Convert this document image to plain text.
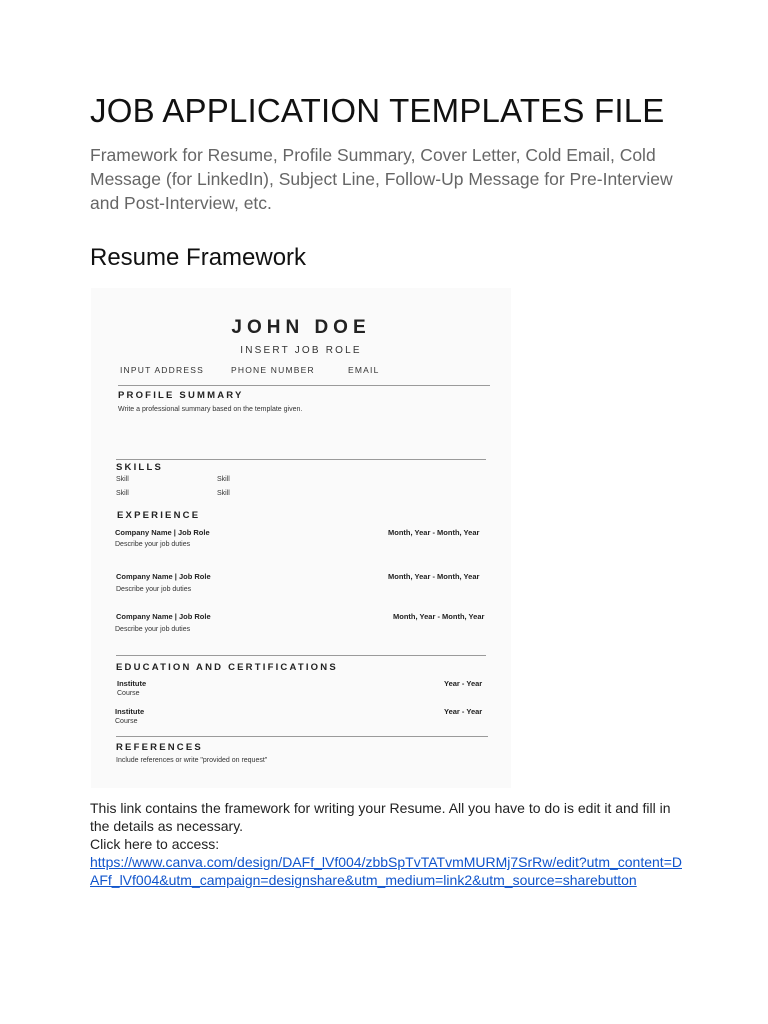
JOB APPLICATION TEMPLATES FILE
Framework for Resume, Profile Summary, Cover Letter, Cold Email, Cold Message (for LinkedIn), Subject Line, Follow-Up Message for Pre-Interview and Post-Interview, etc.
Resume Framework
JOHN DOE
INSERT JOB ROLE
INPUT ADDRESS	PHONE NUMBER	EMAIL
PROFILE SUMMARY
Write a professional summary based on the template given.
SKILLS
Skill	Skill
Skill	Skill
EXPERIENCE
Company Name | Job Role	Month, Year - Month, Year
Describe your job duties
Company Name | Job Role	Month, Year - Month, Year
Describe your job duties
Company Name | Job Role	Month, Year - Month, Year
Describe your job duties
EDUCATION AND CERTIFICATIONS
Institute	Year - Year
Course
Institute	Year - Year
Course
REFERENCES
Include references or write "provided on request"
This link contains the framework for writing your Resume. All you have to do is edit it and fill in
the details as necessary.
Click here to access:
https://www.canva.com/design/DAFf_lVf004/zbbSpTvTATvmMURMj7SrRw/edit?utm_content=D
AFf_lVf004&utm_campaign=designshare&utm_medium=link2&utm_source=sharebutton
